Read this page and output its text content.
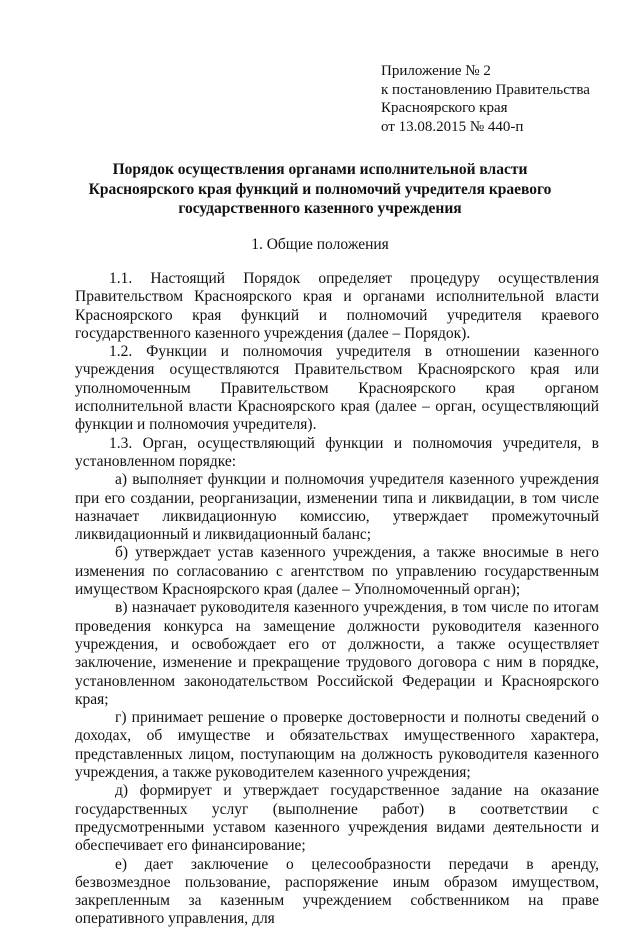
Приложение № 2
к постановлению Правительства
Красноярского края
от 13.08.2015 № 440-п
Порядок осуществления органами исполнительной власти
Красноярского края функций и полномочий учредителя краевого
государственного казенного учреждения
1. Общие положения

1.1. Настоящий Порядок определяет процедуру осуществления Правительством Красноярского края и органами исполнительной власти Красноярского края функций и полномочий учредителя краевого государственного казенного учреждения (далее – Порядок).

1.2. Функции и полномочия учредителя в отношении казенного учреждения осуществляются Правительством Красноярского края или уполномоченным Правительством Красноярского края органом исполнительной власти Красноярского края (далее – орган, осуществляющий функции и полномочия учредителя).

1.3. Орган, осуществляющий функции и полномочия учредителя, в установленном порядке:

а) выполняет функции и полномочия учредителя казенного учреждения при его создании, реорганизации, изменении типа и ликвидации, в том числе назначает ликвидационную комиссию, утверждает промежуточный ликвидационный и ликвидационный баланс;

б) утверждает устав казенного учреждения, а также вносимые в него изменения по согласованию с агентством по управлению государственным имуществом Красноярского края (далее – Уполномоченный орган);

в) назначает руководителя казенного учреждения, в том числе по итогам проведения конкурса на замещение должности руководителя казенного учреждения, и освобождает его от должности, а также осуществляет заключение, изменение и прекращение трудового договора с ним в порядке, установленном законодательством Российской Федерации и Красноярского края;

г) принимает решение о проверке достоверности и полноты сведений о доходах, об имуществе и обязательствах имущественного характера, представленных лицом, поступающим на должность руководителя казенного учреждения, а также руководителем казенного учреждения;

д) формирует и утверждает государственное задание на оказание государственных услуг (выполнение работ) в соответствии с предусмотренными уставом казенного учреждения видами деятельности и обеспечивает его финансирование;

е) дает заключение о целесообразности передачи в аренду, безвозмездное пользование, распоряжение иным образом имуществом, закрепленным за казенным учреждением собственником на праве оперативного управления, для
